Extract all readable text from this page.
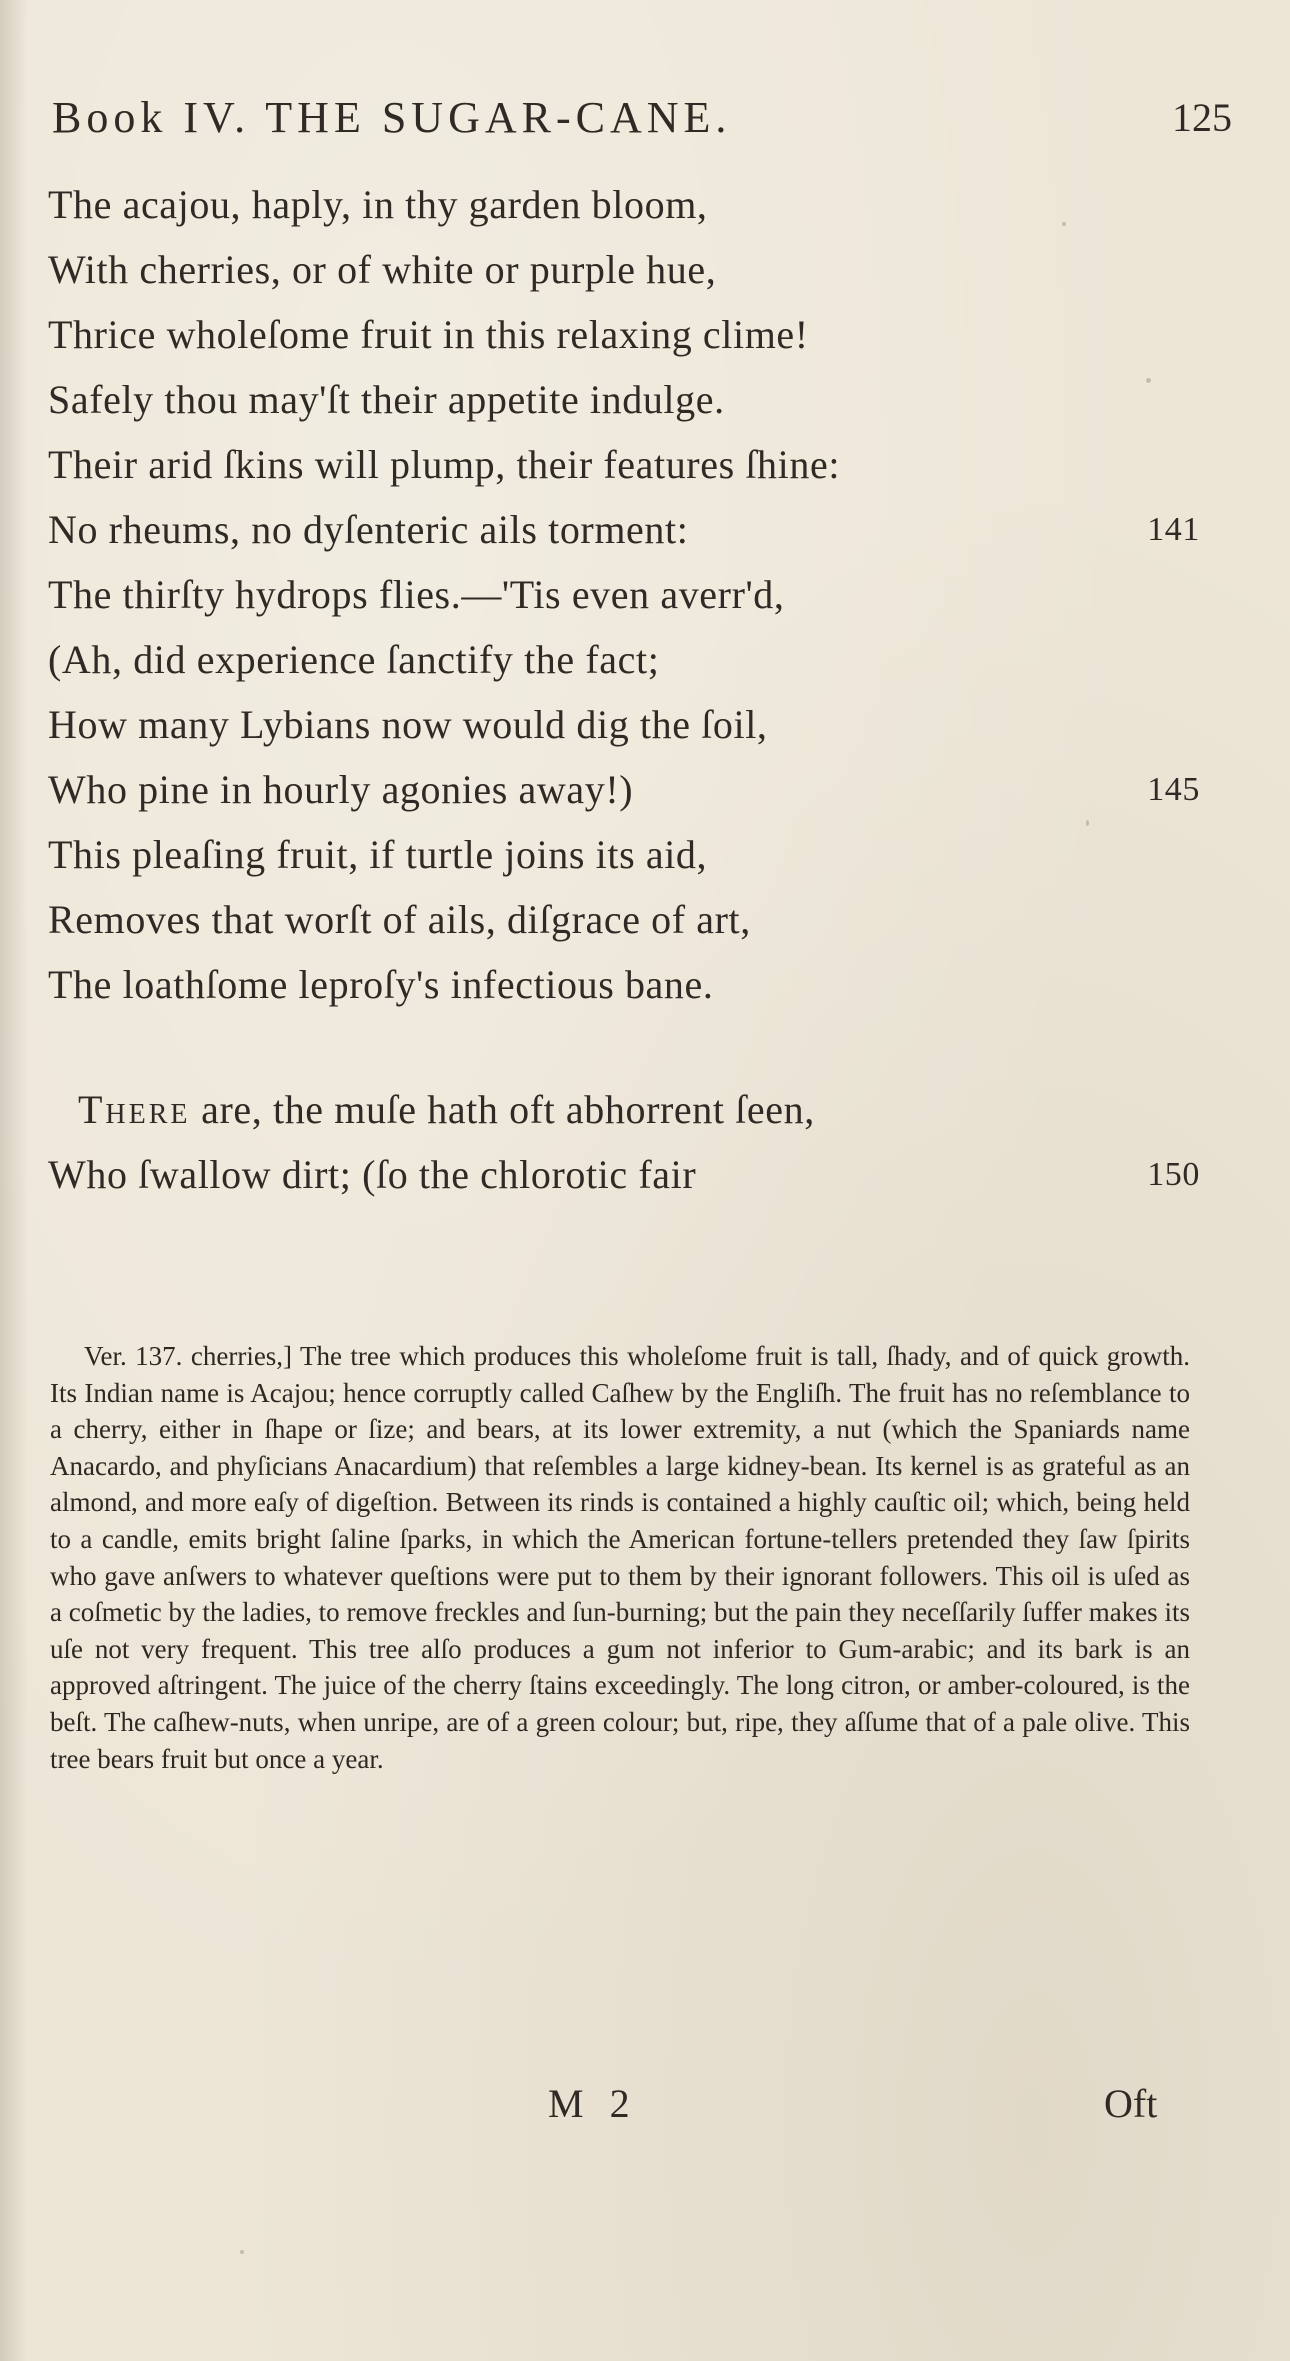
Book IV. THE SUGAR-CANE.	125
The acajou, haply, in thy garden bloom,
With cherries, or of white or purple hue,
Thrice wholeſome fruit in this relaxing clime!
Safely thou may'ſt their appetite indulge.
Their arid ſkins will plump, their features ſhine:
No rheums, no dyſenteric ails torment:	141
The thirſty hydrops flies.—'Tis even averr'd,
(Ah, did experience ſanctify the fact;
How many Lybians now would dig the ſoil,
Who pine in hourly agonies away!)	145
This pleaſing fruit, if turtle joins its aid,
Removes that worſt of ails, diſgrace of art,
The loathſome leproſy's infectious bane.
There are, the muſe hath oft abhorrent ſeen,
Who ſwallow dirt; (ſo the chlorotic fair	150
Ver. 137. cherries,] The tree which produces this wholeſome fruit is tall, ſhady, and of quick growth. Its Indian name is Acajou; hence corruptly called Caſhew by the Engliſh. The fruit has no reſemblance to a cherry, either in ſhape or ſize; and bears, at its lower extremity, a nut (which the Spaniards name Anacardo, and phyſicians Anacardium) that reſembles a large kidney-bean. Its kernel is as grateful as an almond, and more eaſy of digeſtion. Between its rinds is contained a highly cauſtic oil; which, being held to a candle, emits bright ſaline ſparks, in which the American fortune-tellers pretended they ſaw ſpirits who gave anſwers to whatever queſtions were put to them by their ignorant followers. This oil is uſed as a coſmetic by the ladies, to remove freckles and ſun-burning; but the pain they neceſſarily ſuffer makes its uſe not very frequent. This tree alſo produces a gum not inferior to Gum-arabic; and its bark is an approved aſtringent. The juice of the cherry ſtains exceedingly. The long citron, or amber-coloured, is the beſt. The caſhew-nuts, when unripe, are of a green colour; but, ripe, they aſſume that of a pale olive. This tree bears fruit but once a year.
M 2	Oft
